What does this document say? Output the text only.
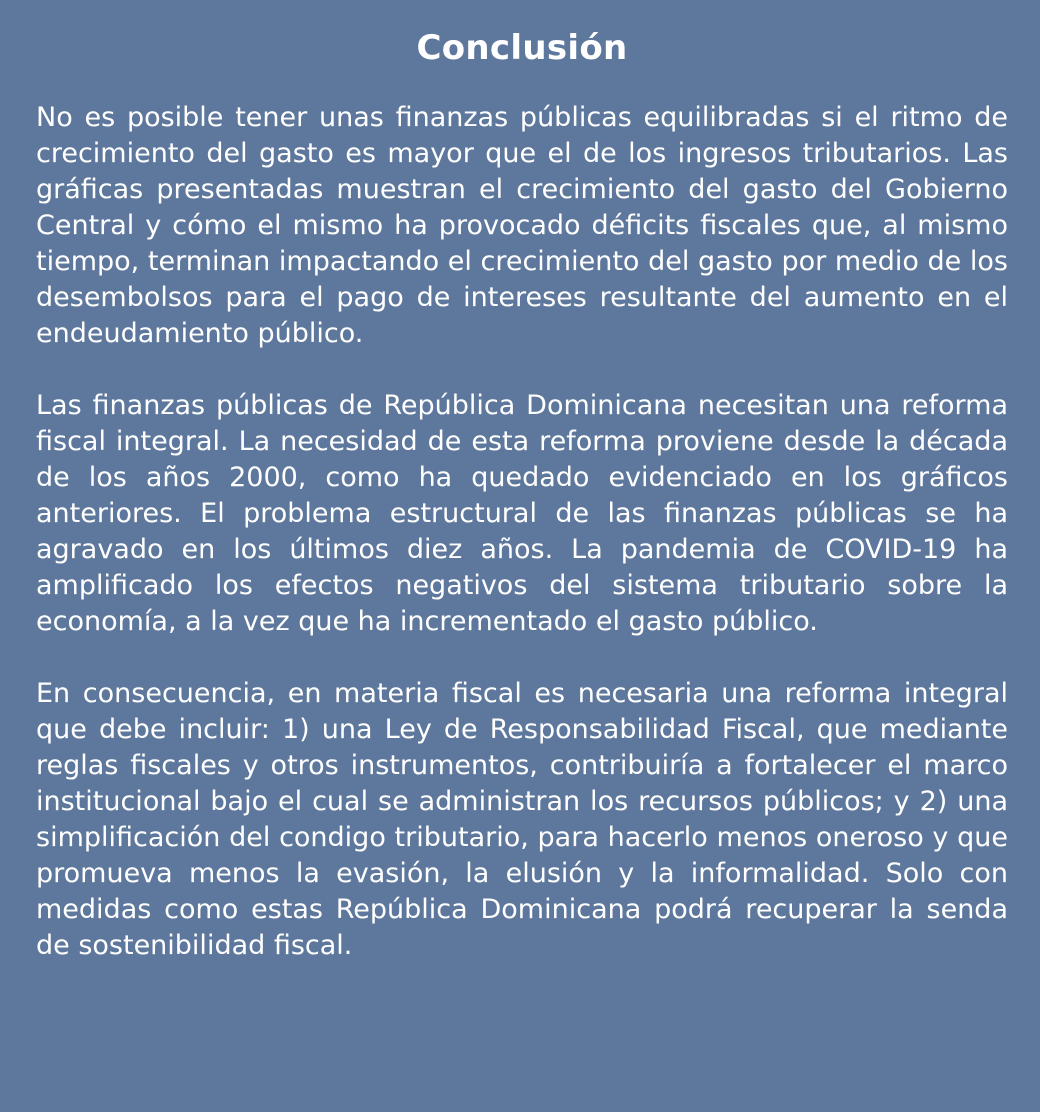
Conclusión

No es posible tener unas finanzas públicas equilibradas si el ritmo de crecimiento del gasto es mayor que el de los ingresos tributarios. Las gráficas presentadas muestran el crecimiento del gasto del Gobierno Central y cómo el mismo ha provocado déficits fiscales que, al mismo tiempo, terminan impactando el crecimiento del gasto por medio de los desembolsos para el pago de intereses resultante del aumento en el endeudamiento público.

Las finanzas públicas de República Dominicana necesitan una reforma fiscal integral. La necesidad de esta reforma proviene desde la década de los años 2000, como ha quedado evidenciado en los gráficos anteriores. El problema estructural de las finanzas públicas se ha agravado en los últimos diez años. La pandemia de COVID-19 ha amplificado los efectos negativos del sistema tributario sobre la economía, a la vez que ha incrementado el gasto público.

En consecuencia, en materia fiscal es necesaria una reforma integral que debe incluir: 1) una Ley de Responsabilidad Fiscal, que mediante reglas fiscales y otros instrumentos, contribuiría a fortalecer el marco institucional bajo el cual se administran los recursos públicos; y 2) una simplificación del condigo tributario, para hacerlo menos oneroso y que promueva menos la evasión, la elusión y la informalidad. Solo con medidas como estas República Dominicana podrá recuperar la senda de sostenibilidad fiscal.
